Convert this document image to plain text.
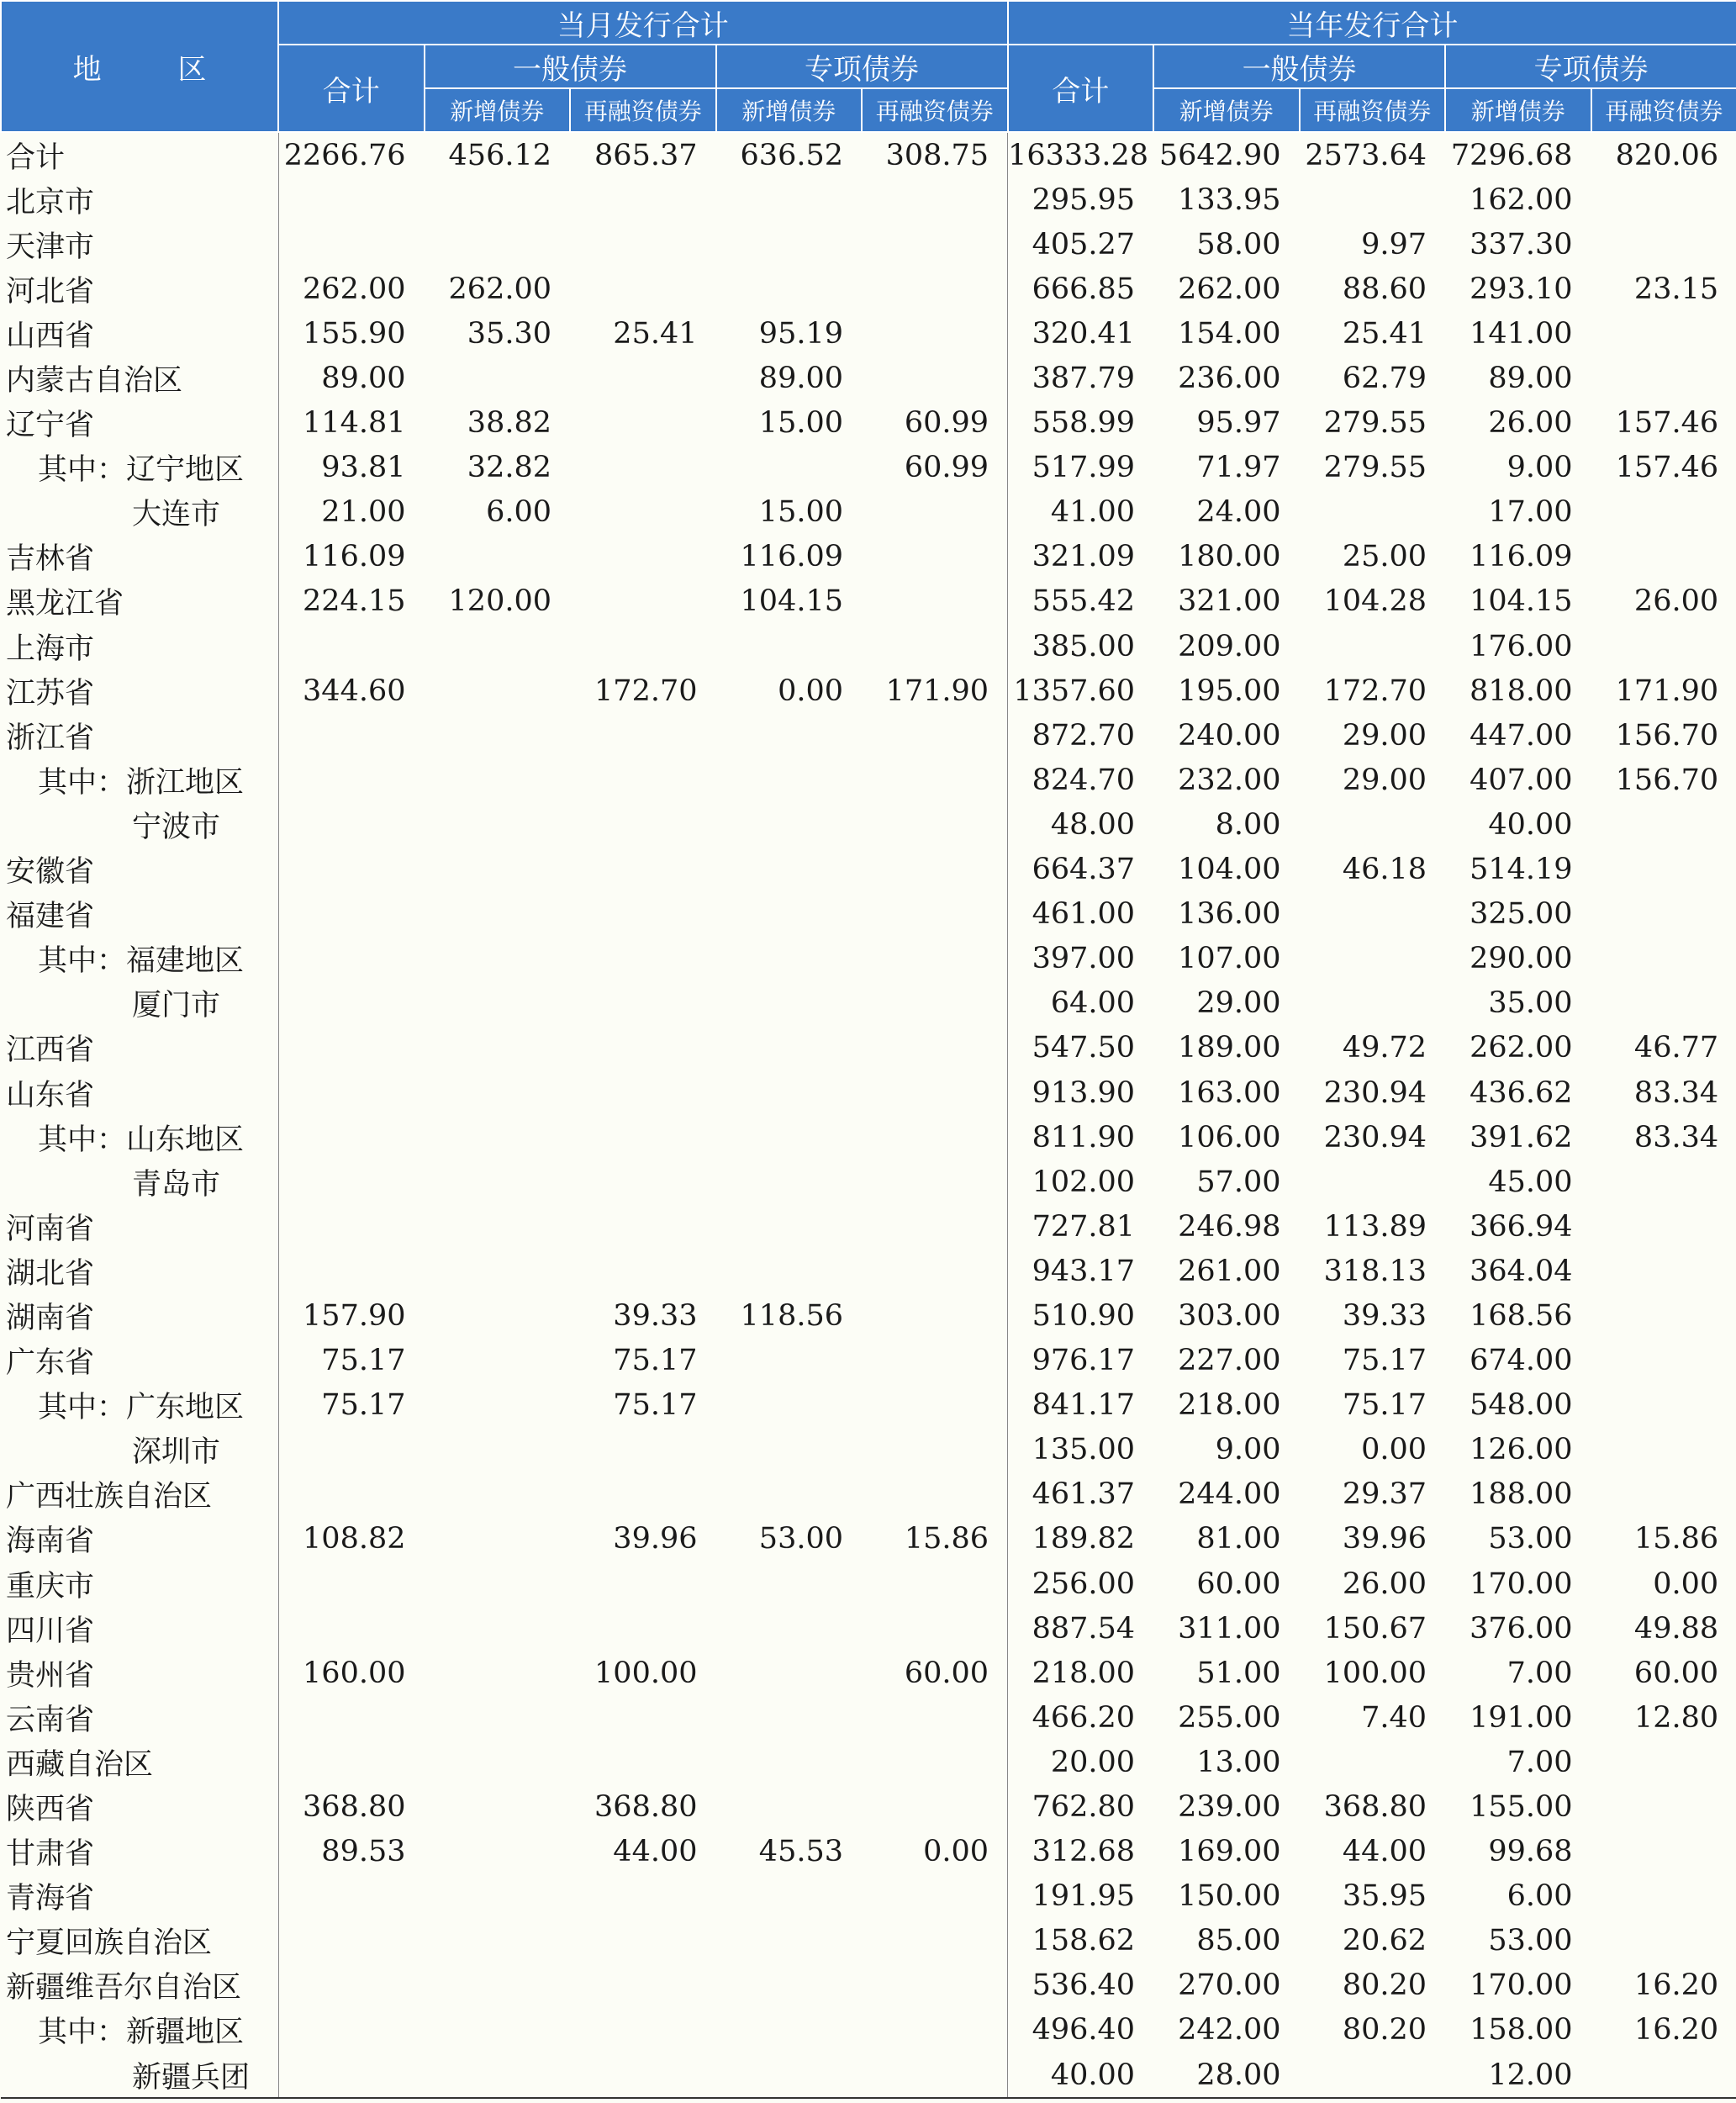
地 区	当月发行合计					当年发行合计				
	合计	一般债券		专项债券		合计	一般债券		专项债券	
		新增债券	再融资债券	新增债券	再融资债券		新增债券	再融资债券	新增债券	再融资债券
合计	2266.76	456.12	865.37	636.52	308.75	16333.28	5642.90	2573.64	7296.68	820.06
北京市						295.95	133.95		162.00	
天津市						405.27	58.00	9.97	337.30	
河北省	262.00	262.00				666.85	262.00	88.60	293.10	23.15
山西省	155.90	35.30	25.41	95.19		320.41	154.00	25.41	141.00	
内蒙古自治区	89.00			89.00		387.79	236.00	62.79	89.00	
辽宁省	114.81	38.82		15.00	60.99	558.99	95.97	279.55	26.00	157.46
其中：辽宁地区	93.81	32.82			60.99	517.99	71.97	279.55	9.00	157.46
大连市	21.00	6.00		15.00		41.00	24.00		17.00	
吉林省	116.09			116.09		321.09	180.00	25.00	116.09	
黑龙江省	224.15	120.00		104.15		555.42	321.00	104.28	104.15	26.00
上海市						385.00	209.00		176.00	
江苏省	344.60		172.70	0.00	171.90	1357.60	195.00	172.70	818.00	171.90
浙江省						872.70	240.00	29.00	447.00	156.70
其中：浙江地区						824.70	232.00	29.00	407.00	156.70
宁波市						48.00	8.00		40.00	
安徽省						664.37	104.00	46.18	514.19	
福建省						461.00	136.00		325.00	
其中：福建地区						397.00	107.00		290.00	
厦门市						64.00	29.00		35.00	
江西省						547.50	189.00	49.72	262.00	46.77
山东省						913.90	163.00	230.94	436.62	83.34
其中：山东地区						811.90	106.00	230.94	391.62	83.34
青岛市						102.00	57.00		45.00	
河南省						727.81	246.98	113.89	366.94	
湖北省						943.17	261.00	318.13	364.04	
湖南省	157.90		39.33	118.56		510.90	303.00	39.33	168.56	
广东省	75.17		75.17			976.17	227.00	75.17	674.00	
其中：广东地区	75.17		75.17			841.17	218.00	75.17	548.00	
深圳市						135.00	9.00	0.00	126.00	
广西壮族自治区						461.37	244.00	29.37	188.00	
海南省	108.82		39.96	53.00	15.86	189.82	81.00	39.96	53.00	15.86
重庆市						256.00	60.00	26.00	170.00	0.00
四川省						887.54	311.00	150.67	376.00	49.88
贵州省	160.00		100.00		60.00	218.00	51.00	100.00	7.00	60.00
云南省						466.20	255.00	7.40	191.00	12.80
西藏自治区						20.00	13.00		7.00	
陕西省	368.80		368.80			762.80	239.00	368.80	155.00	
甘肃省	89.53		44.00	45.53	0.00	312.68	169.00	44.00	99.68	
青海省						191.95	150.00	35.95	6.00	
宁夏回族自治区						158.62	85.00	20.62	53.00	
新疆维吾尔自治区						536.40	270.00	80.20	170.00	16.20
其中：新疆地区						496.40	242.00	80.20	158.00	16.20
新疆兵团						40.00	28.00		12.00	
